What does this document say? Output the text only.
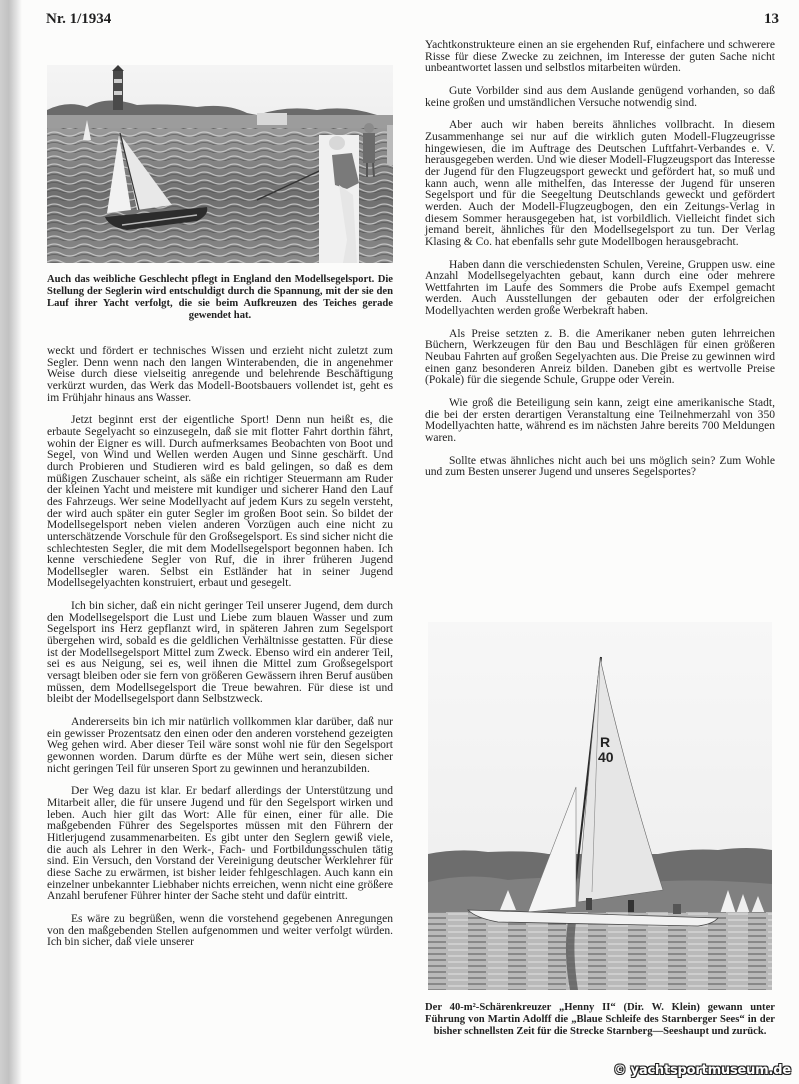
Nr. 1/1934	13
Auch das weibliche Geschlecht pflegt in England den Modellsegelsport. Die Stellung der Seglerin wird entschuldigt durch die Spannung, mit der sie den Lauf ihrer Yacht verfolgt, die sie beim Aufkreuzen des Teiches gerade gewendet hat.

weckt und fördert er technisches Wissen und erzieht nicht zuletzt zum Segler. Denn wenn nach den langen Winterabenden, die in angenehmer Weise durch diese vielseitig anregende und belehrende Beschäftigung verkürzt wurden, das Werk das Modell-Bootsbauers vollendet ist, geht es im Frühjahr hinaus ans Wasser.

Jetzt beginnt erst der eigentliche Sport! Denn nun heißt es, die erbaute Segelyacht so einzusegeln, daß sie mit flotter Fahrt dorthin fährt, wohin der Eigner es will. Durch aufmerksames Beobachten von Boot und Segel, von Wind und Wellen werden Augen und Sinne geschärft. Und durch Probieren und Studieren wird es bald gelingen, so daß es dem müßigen Zuschauer scheint, als säße ein richtiger Steuermann am Ruder der kleinen Yacht und meistere mit kundiger und sicherer Hand den Lauf des Fahrzeugs. Wer seine Modellyacht auf jedem Kurs zu segeln versteht, der wird auch später ein guter Segler im großen Boot sein. So bildet der Modellsegelsport neben vielen anderen Vorzügen auch eine nicht zu unterschätzende Vorschule für den Großsegelsport. Es sind sicher nicht die schlechtesten Segler, die mit dem Modellsegelsport begonnen haben. Ich kenne verschiedene Segler von Ruf, die in ihrer früheren Jugend Modellsegler waren. Selbst ein Estländer hat in seiner Jugend Modellsegelyachten konstruiert, erbaut und gesegelt.

Ich bin sicher, daß ein nicht geringer Teil unserer Jugend, dem durch den Modellsegelsport die Lust und Liebe zum blauen Wasser und zum Segelsport ins Herz gepflanzt wird, in späteren Jahren zum Segelsport übergehen wird, sobald es die geldlichen Verhältnisse gestatten. Für diese ist der Modellsegelsport Mittel zum Zweck. Ebenso wird ein anderer Teil, sei es aus Neigung, sei es, weil ihnen die Mittel zum Großsegelsport versagt bleiben oder sie fern von größeren Gewässern ihren Beruf ausüben müssen, dem Modellsegelsport die Treue bewahren. Für diese ist und bleibt der Modellsegelsport dann Selbstzweck.

Andererseits bin ich mir natürlich vollkommen klar darüber, daß nur ein gewisser Prozentsatz den einen oder den anderen vorstehend gezeigten Weg gehen wird. Aber dieser Teil wäre sonst wohl nie für den Segelsport gewonnen worden. Darum dürfte es der Mühe wert sein, diesen sicher nicht geringen Teil für unseren Sport zu gewinnen und heranzubilden.

Der Weg dazu ist klar. Er bedarf allerdings der Unterstützung und Mitarbeit aller, die für unsere Jugend und für den Segelsport wirken und leben. Auch hier gilt das Wort: Alle für einen, einer für alle. Die maßgebenden Führer des Segelsportes müssen mit den Führern der Hitlerjugend zusammenarbeiten. Es gibt unter den Seglern gewiß viele, die auch als Lehrer in den Werk-, Fach- und Fortbildungsschulen tätig sind. Ein Versuch, den Vorstand der Vereinigung deutscher Werklehrer für diese Sache zu erwärmen, ist bisher leider fehlgeschlagen. Auch kann ein einzelner unbekannter Liebhaber nichts erreichen, wenn nicht eine größere Anzahl berufener Führer hinter der Sache steht und dafür eintritt.

Es wäre zu begrüßen, wenn die vorstehend gegebenen Anregungen von den maßgebenden Stellen aufgenommen und weiter verfolgt würden. Ich bin sicher, daß viele unserer

Yachtkonstrukteure einen an sie ergehenden Ruf, einfachere und schwerere Risse für diese Zwecke zu zeichnen, im Interesse der guten Sache nicht unbeantwortet lassen und selbstlos mitarbeiten würden.

Gute Vorbilder sind aus dem Auslande genügend vorhanden, so daß keine großen und umständlichen Versuche notwendig sind.

Aber auch wir haben bereits ähnliches vollbracht. In diesem Zusammenhange sei nur auf die wirklich guten Modell-Flugzeugrisse hingewiesen, die im Auftrage des Deutschen Luftfahrt-Verbandes e. V. herausgegeben werden. Und wie dieser Modell-Flugzeugsport das Interesse der Jugend für den Flugzeugsport geweckt und gefördert hat, so muß und kann auch, wenn alle mithelfen, das Interesse der Jugend für unseren Segelsport und für die Seegeltung Deutschlands geweckt und gefördert werden. Auch der Modell-Flugzeugbogen, den ein Zeitungs-Verlag in diesem Sommer herausgegeben hat, ist vorbildlich. Vielleicht findet sich jemand bereit, ähnliches für den Modellsegelsport zu tun. Der Verlag Klasing & Co. hat ebenfalls sehr gute Modellbogen herausgebracht.

Haben dann die verschiedensten Schulen, Vereine, Gruppen usw. eine Anzahl Modellsegelyachten gebaut, kann durch eine oder mehrere Wettfahrten im Laufe des Sommers die Probe aufs Exempel gemacht werden. Auch Ausstellungen der gebauten oder der erfolgreichen Modellyachten werden große Werbekraft haben.

Als Preise setzten z. B. die Amerikaner neben guten lehrreichen Büchern, Werkzeugen für den Bau und Beschlägen für einen größeren Neubau Fahrten auf großen Segelyachten aus. Die Preise zu gewinnen wird einen ganz besonderen Anreiz bilden. Daneben gibt es wertvolle Preise (Pokale) für die siegende Schule, Gruppe oder Verein.

Wie groß die Beteiligung sein kann, zeigt eine amerikanische Stadt, die bei der ersten derartigen Veranstaltung eine Teilnehmerzahl von 350 Modellyachten hatte, während es im nächsten Jahre bereits 700 Meldungen waren.

Sollte etwas ähnliches nicht auch bei uns möglich sein? Zum Wohle und zum Besten unserer Jugend und unseres Segelsportes?

R
40
Der 40-m²-Schärenkreuzer „Henny II“ (Dir. W. Klein) gewann unter Führung von Martin Adolff die „Blaue Schleife des Starnberger Sees“ in der bisher schnellsten Zeit für die Strecke Starnberg—Seeshaupt und zurück.
© yachtsportmuseum.de
